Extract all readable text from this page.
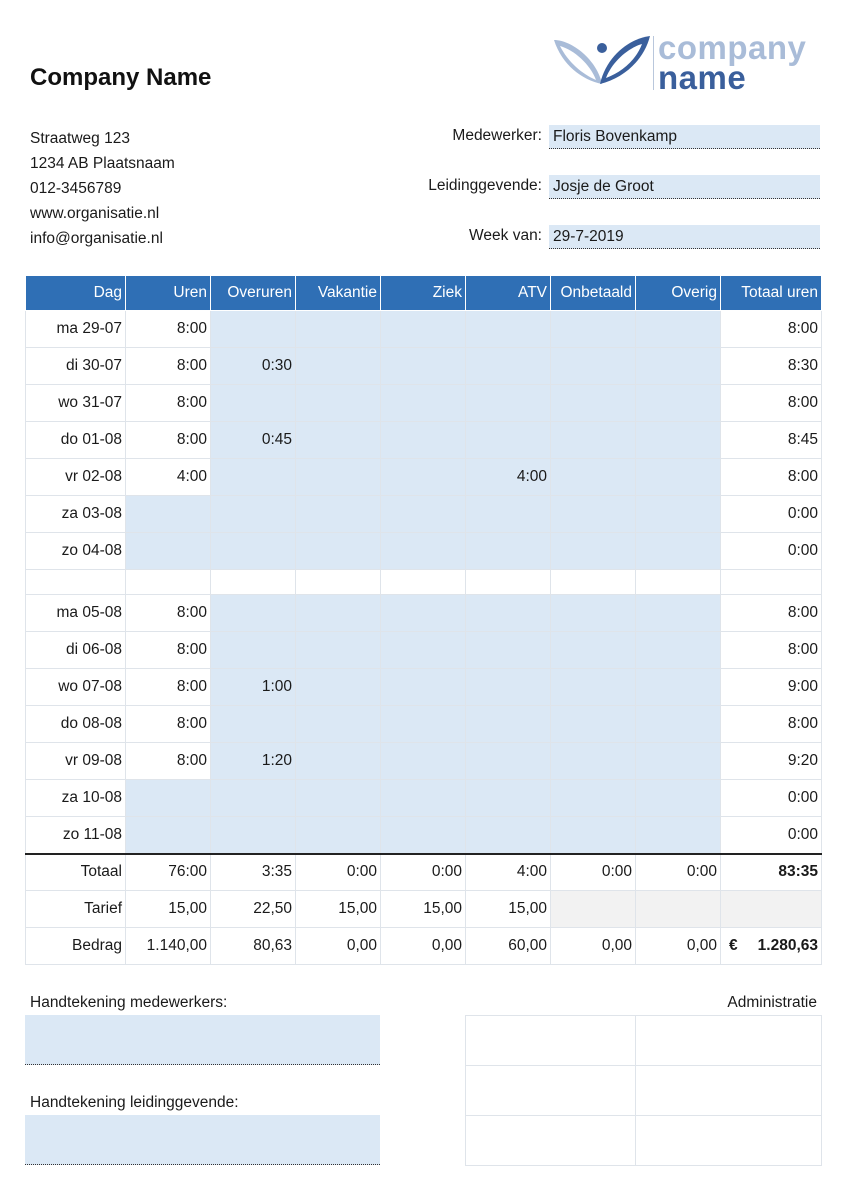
Company Name
company
name
Straatweg 123
1234 AB Plaatsnaam
012-3456789
www.organisatie.nl
info@organisatie.nl
Medewerker: Floris Bovenkamp
Leidinggevende: Josje de Groot
Week van: 29-7-2019
Dag	Uren	Overuren	Vakantie	Ziek	ATV	Onbetaald	Overig	Totaal uren
ma 29-07	8:00							8:00
di 30-07	8:00	0:30						8:30
wo 31-07	8:00							8:00
do 01-08	8:00	0:45						8:45
vr 02-08	4:00				4:00			8:00
za 03-08								0:00
zo 04-08								0:00

ma 05-08	8:00							8:00
di 06-08	8:00							8:00
wo 07-08	8:00	1:00						9:00
do 08-08	8:00							8:00
vr 09-08	8:00	1:20						9:20
za 10-08								0:00
zo 11-08								0:00
Totaal	76:00	3:35	0:00	0:00	4:00	0:00	0:00	83:35
Tarief	15,00	22,50	15,00	15,00	15,00			
Bedrag	1.140,00	80,63	0,00	0,00	60,00	0,00	0,00	€ 1.280,63
Handtekening medewerkers:
Handtekening leidinggevende:
Administratie
